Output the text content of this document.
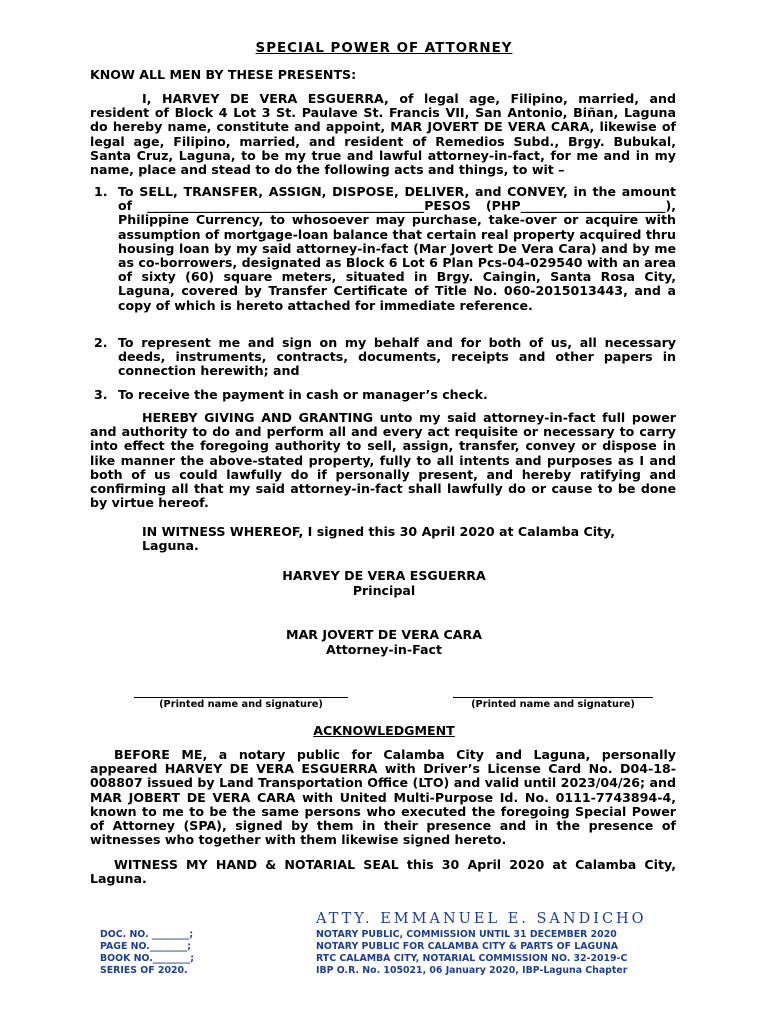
SPECIAL POWER OF ATTORNEY
KNOW ALL MEN BY THESE PRESENTS:
I, HARVEY DE VERA ESGUERRA, of legal age, Filipino, married, and resident of Block 4 Lot 3 St. Paulave St. Francis VII, San Antonio, Biñan, Laguna do hereby name, constitute and appoint, MAR JOVERT DE VERA CARA, likewise of legal age, Filipino, married, and resident of Remedios Subd., Brgy. Bubukal, Santa Cruz, Laguna, to be my true and lawful attorney-in-fact, for me and in my name, place and stead to do the following acts and things, to wit –
1. To SELL, TRANSFER, ASSIGN, DISPOSE, DELIVER, and CONVEY, in the amount of ____________________________________________PESOS (PHP_______________________), Philippine Currency, to whosoever may purchase, take-over or acquire with assumption of mortgage-loan balance that certain real property acquired thru housing loan by my said attorney-in-fact (Mar Jovert De Vera Cara) and by me as co-borrowers, designated as Block 6 Lot 6 Plan Pcs-04-029540 with an area of sixty (60) square meters, situated in Brgy. Caingin, Santa Rosa City, Laguna, covered by Transfer Certificate of Title No. 060-2015013443, and a copy of which is hereto attached for immediate reference.
2. To represent me and sign on my behalf and for both of us, all necessary deeds, instruments, contracts, documents, receipts and other papers in connection herewith; and
3. To receive the payment in cash or manager’s check.
HEREBY GIVING AND GRANTING unto my said attorney-in-fact full power and authority to do and perform all and every act requisite or necessary to carry into effect the foregoing authority to sell, assign, transfer, convey or dispose in like manner the above-stated property, fully to all intents and purposes as I and both of us could lawfully do if personally present, and hereby ratifying and confirming all that my said attorney-in-fact shall lawfully do or cause to be done by virtue hereof.
IN WITNESS WHEREOF, I signed this 30 April 2020 at Calamba City, Laguna.
HARVEY DE VERA ESGUERRA
Principal
MAR JOVERT DE VERA CARA
Attorney-in-Fact
(Printed name and signature)	(Printed name and signature)
ACKNOWLEDGMENT
BEFORE ME, a notary public for Calamba City and Laguna, personally appeared HARVEY DE VERA ESGUERRA with Driver’s License Card No. D04-18-008807 issued by Land Transportation Office (LTO) and valid until 2023/04/26; and MAR JOBERT DE VERA CARA with United Multi-Purpose Id. No. 0111-7743894-4, known to me to be the same persons who executed the foregoing Special Power of Attorney (SPA), signed by them in their presence and in the presence of witnesses who together with them likewise signed hereto.
WITNESS MY HAND & NOTARIAL SEAL this 30 April 2020 at Calamba City, Laguna.
ATTY. EMMANUEL E. SANDICHO
DOC. NO. ________;
PAGE NO.________;
BOOK NO.________;
SERIES OF 2020.
NOTARY PUBLIC, COMMISSION UNTIL 31 DECEMBER 2020
NOTARY PUBLIC FOR CALAMBA CITY & PARTS OF LAGUNA
RTC CALAMBA CITY, NOTARIAL COMMISSION NO. 32-2019-C
IBP O.R. No. 105021, 06 January 2020, IBP-Laguna Chapter
